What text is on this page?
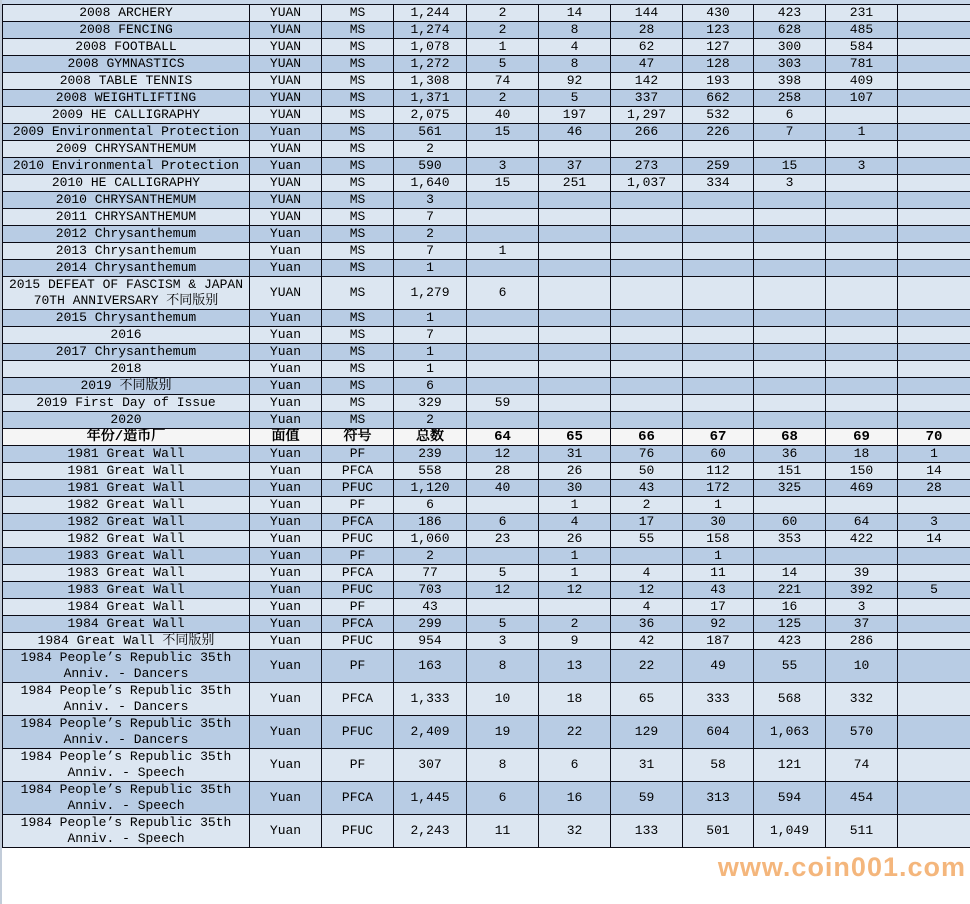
2008 ARCHERY	YUAN	MS	1,244	2	14	144	430	423	231	
2008 FENCING	YUAN	MS	1,274	2	8	28	123	628	485	
2008 FOOTBALL	YUAN	MS	1,078	1	4	62	127	300	584	
2008 GYMNASTICS	YUAN	MS	1,272	5	8	47	128	303	781	
2008 TABLE TENNIS	YUAN	MS	1,308	74	92	142	193	398	409	
2008 WEIGHTLIFTING	YUAN	MS	1,371	2	5	337	662	258	107	
2009 HE CALLIGRAPHY	YUAN	MS	2,075	40	197	1,297	532	6		
2009 Environmental Protection	Yuan	MS	561	15	46	266	226	7	1	
2009 CHRYSANTHEMUM	YUAN	MS	2							
2010 Environmental Protection	Yuan	MS	590	3	37	273	259	15	3	
2010 HE CALLIGRAPHY	YUAN	MS	1,640	15	251	1,037	334	3		
2010 CHRYSANTHEMUM	YUAN	MS	3							
2011 CHRYSANTHEMUM	YUAN	MS	7							
2012 Chrysanthemum	Yuan	MS	2							
2013 Chrysanthemum	Yuan	MS	7	1						
2014 Chrysanthemum	Yuan	MS	1							
2015 DEFEAT OF FASCISM & JAPAN 70TH ANNIVERSARY 不同版别	YUAN	MS	1,279	6						
2015 Chrysanthemum	Yuan	MS	1							
2016	Yuan	MS	7							
2017 Chrysanthemum	Yuan	MS	1							
2018	Yuan	MS	1							
2019 不同版别	Yuan	MS	6							
2019 First Day of Issue	Yuan	MS	329	59						
2020	Yuan	MS	2							
年份/造币厂	面值	符号	总数	64	65	66	67	68	69	70
1981 Great Wall	Yuan	PF	239	12	31	76	60	36	18	1
1981 Great Wall	Yuan	PFCA	558	28	26	50	112	151	150	14
1981 Great Wall	Yuan	PFUC	1,120	40	30	43	172	325	469	28
1982 Great Wall	Yuan	PF	6		1	2	1			
1982 Great Wall	Yuan	PFCA	186	6	4	17	30	60	64	3
1982 Great Wall	Yuan	PFUC	1,060	23	26	55	158	353	422	14
1983 Great Wall	Yuan	PF	2		1		1			
1983 Great Wall	Yuan	PFCA	77	5	1	4	11	14	39	
1983 Great Wall	Yuan	PFUC	703	12	12	12	43	221	392	5
1984 Great Wall	Yuan	PF	43			4	17	16	3	
1984 Great Wall	Yuan	PFCA	299	5	2	36	92	125	37	
1984 Great Wall 不同版别	Yuan	PFUC	954	3	9	42	187	423	286	
1984 People’s Republic 35th Anniv. - Dancers	Yuan	PF	163	8	13	22	49	55	10	
1984 People’s Republic 35th Anniv. - Dancers	Yuan	PFCA	1,333	10	18	65	333	568	332	
1984 People’s Republic 35th Anniv. - Dancers	Yuan	PFUC	2,409	19	22	129	604	1,063	570	
1984 People’s Republic 35th Anniv. - Speech	Yuan	PF	307	8	6	31	58	121	74	
1984 People’s Republic 35th Anniv. - Speech	Yuan	PFCA	1,445	6	16	59	313	594	454	
1984 People’s Republic 35th Anniv. - Speech	Yuan	PFUC	2,243	11	32	133	501	1,049	511	
www.coin001.com
